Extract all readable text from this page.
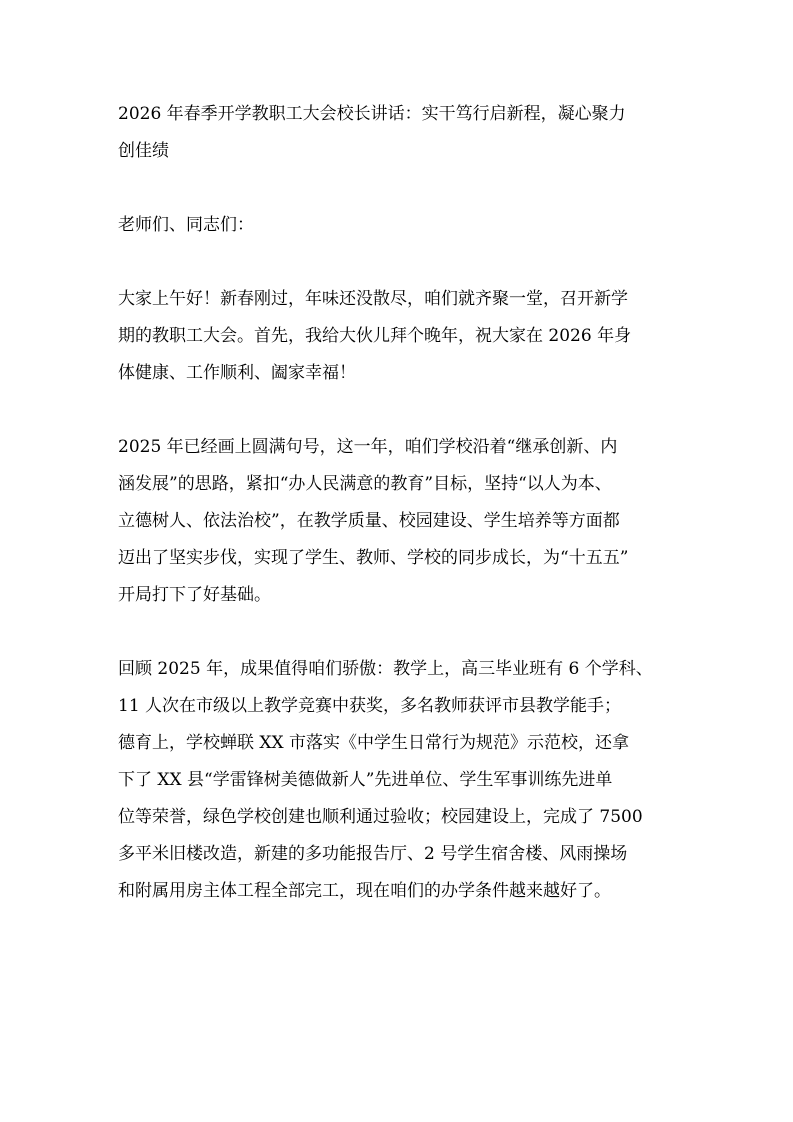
2026 年春季开学教职工大会校长讲话：实干笃行启新程，凝心聚力
创佳绩

老师们、同志们：

大家上午好！新春刚过，年味还没散尽，咱们就齐聚一堂，召开新学
期的教职工大会。首先，我给大伙儿拜个晚年，祝大家在 2026 年身
体健康、工作顺利、阖家幸福！

2025 年已经画上圆满句号，这一年，咱们学校沿着“继承创新、内
涵发展”的思路，紧扣“办人民满意的教育”目标，坚持“以人为本、
立德树人、依法治校”，在教学质量、校园建设、学生培养等方面都
迈出了坚实步伐，实现了学生、教师、学校的同步成长，为“十五五”
开局打下了好基础。

回顾 2025 年，成果值得咱们骄傲：教学上，高三毕业班有 6 个学科、
11 人次在市级以上教学竞赛中获奖，多名教师获评市县教学能手；
德育上，学校蝉联 XX 市落实《中学生日常行为规范》示范校，还拿
下了 XX 县“学雷锋树美德做新人”先进单位、学生军事训练先进单
位等荣誉，绿色学校创建也顺利通过验收；校园建设上，完成了 7500
多平米旧楼改造，新建的多功能报告厅、2 号学生宿舍楼、风雨操场
和附属用房主体工程全部完工，现在咱们的办学条件越来越好了。
